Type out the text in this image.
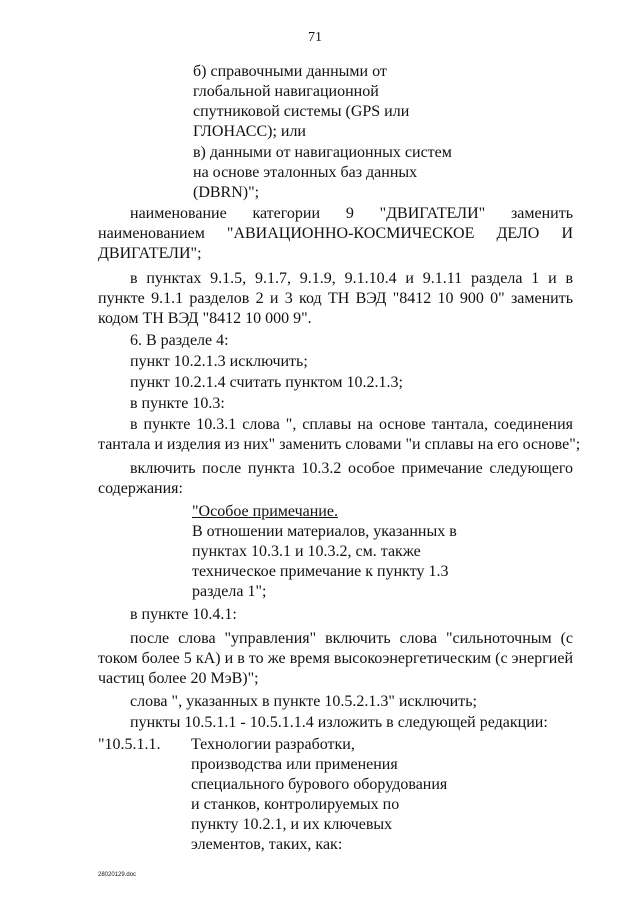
71
б) справочными данными от
глобальной навигационной
спутниковой системы (GPS или
ГЛОНАСС); или
в) данными от навигационных систем
на основе эталонных баз данных
(DBRN)";
наименование категории 9 "ДВИГАТЕЛИ" заменить
наименованием "АВИАЦИОННО-КОСМИЧЕСКОЕ ДЕЛО И
ДВИГАТЕЛИ";
в пунктах 9.1.5, 9.1.7, 9.1.9, 9.1.10.4 и 9.1.11 раздела 1 и в
пункте 9.1.1 разделов 2 и 3 код ТН ВЭД "8412 10 900 0" заменить
кодом ТН ВЭД "8412 10 000 9".
6. В разделе 4:
пункт 10.2.1.3 исключить;
пункт 10.2.1.4 считать пунктом 10.2.1.3;
в пункте 10.3:
в пункте 10.3.1 слова ", сплавы на основе тантала, соединения
тантала и изделия из них" заменить словами "и сплавы на его основе";
включить после пункта 10.3.2 особое примечание следующего
содержания:
"Особое примечание.
В отношении материалов, указанных в
пунктах 10.3.1 и 10.3.2, см. также
техническое примечание к пункту 1.3
раздела 1";
в пункте 10.4.1:
после слова "управления" включить слова "сильноточным (с
током более 5 кА) и в то же время высокоэнергетическим (с энергией
частиц более 20 МэВ)";
слова ", указанных в пункте 10.5.2.1.3" исключить;
пункты 10.5.1.1 - 10.5.1.1.4 изложить в следующей редакции:
"10.5.1.1. Технологии разработки,
производства или применения
специального бурового оборудования
и станков, контролируемых по
пункту 10.2.1, и их ключевых
элементов, таких, как:
28020129.doc
